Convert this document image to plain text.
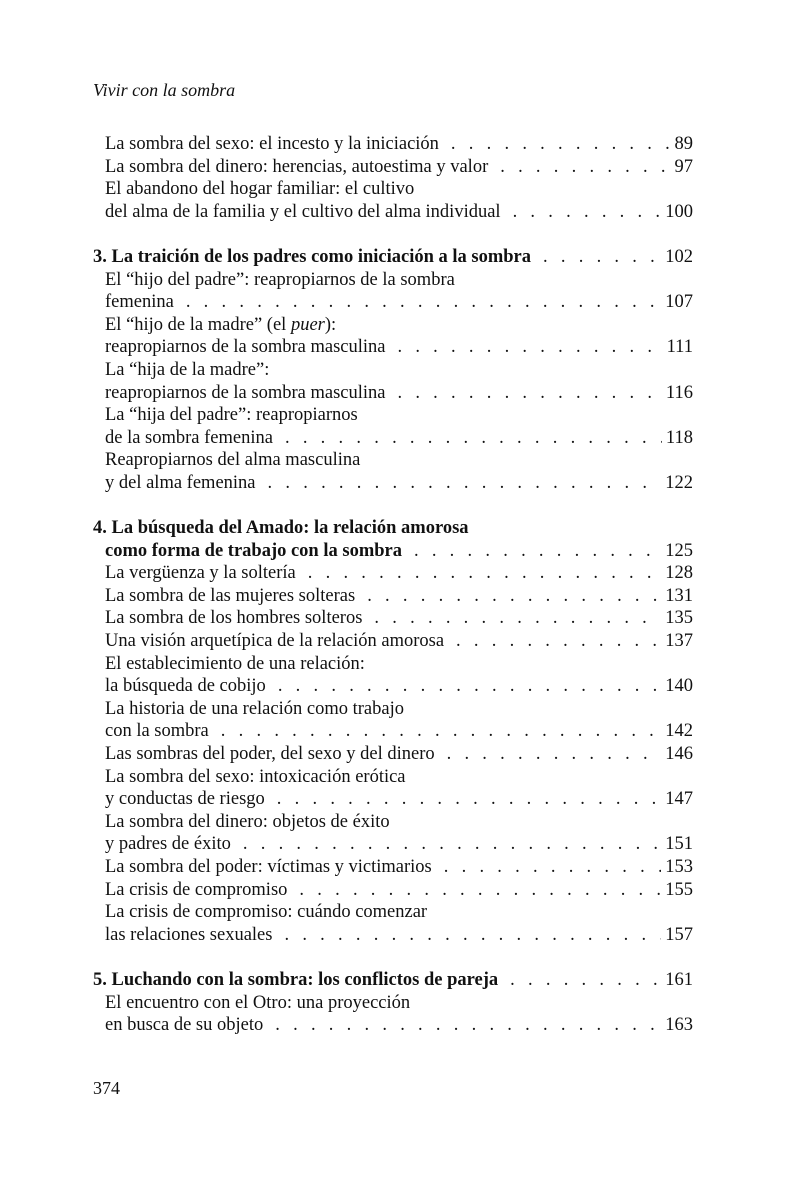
Vivir con la sombra
La sombra del sexo: el incesto y la iniciación . . .	89
La sombra del dinero: herencias, autoestima y valor . . .	97
El abandono del hogar familiar: el cultivo
del alma de la familia y el cultivo del alma individual . . .	100
3. La traición de los padres como iniciación a la sombra . . .	102
El “hijo del padre”: reapropiarnos de la sombra
femenina . . .	107
El “hijo de la madre” (el puer):
reapropiarnos de la sombra masculina . . .	111
La “hija de la madre”:
reapropiarnos de la sombra masculina . . .	116
La “hija del padre”: reapropiarnos
de la sombra femenina . . .	118
Reapropiarnos del alma masculina
y del alma femenina . . .	122
4. La búsqueda del Amado: la relación amorosa
como forma de trabajo con la sombra . . .	125
La vergüenza y la soltería . . .	128
La sombra de las mujeres solteras . . .	131
La sombra de los hombres solteros . . .	135
Una visión arquetípica de la relación amorosa . . .	137
El establecimiento de una relación:
la búsqueda de cobijo . . .	140
La historia de una relación como trabajo
con la sombra . . .	142
Las sombras del poder, del sexo y del dinero . . .	146
La sombra del sexo: intoxicación erótica
y conductas de riesgo . . .	147
La sombra del dinero: objetos de éxito
y padres de éxito . . .	151
La sombra del poder: víctimas y victimarios . . .	153
La crisis de compromiso . . .	155
La crisis de compromiso: cuándo comenzar
las relaciones sexuales . . .	157
5. Luchando con la sombra: los conflictos de pareja . . .	161
El encuentro con el Otro: una proyección
en busca de su objeto . . .	163
374
